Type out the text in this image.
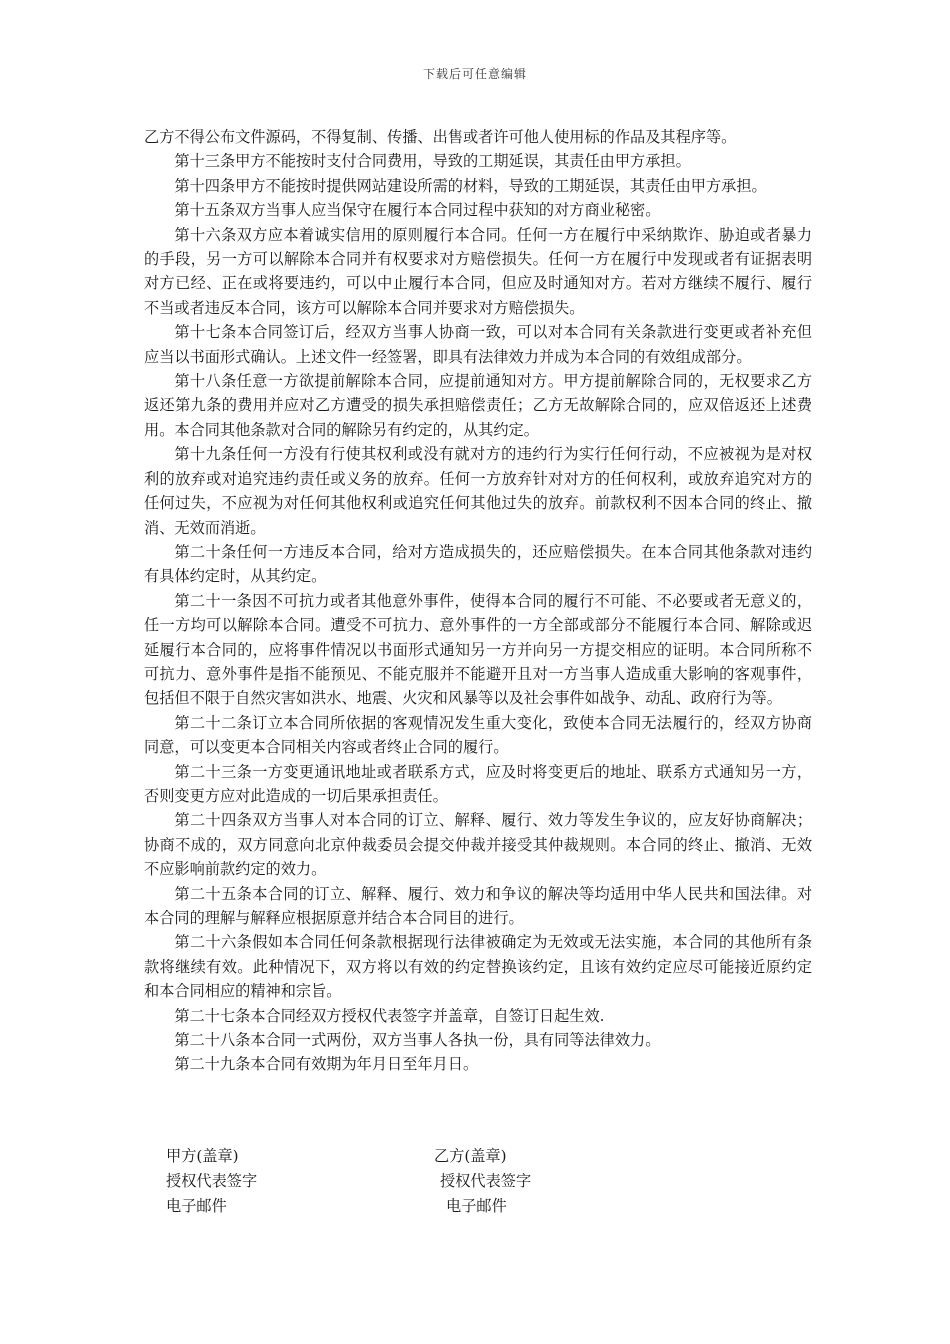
下载后可任意编辑

乙方不得公布文件源码，不得复制、传播、出售或者许可他人使用标的作品及其程序等。

第十三条甲方不能按时支付合同费用，导致的工期延误，其责任由甲方承担。

第十四条甲方不能按时提供网站建设所需的材料，导致的工期延误，其责任由甲方承担。

第十五条双方当事人应当保守在履行本合同过程中获知的对方商业秘密。

第十六条双方应本着诚实信用的原则履行本合同。任何一方在履行中采纳欺诈、胁迫或者暴力的手段，另一方可以解除本合同并有权要求对方赔偿损失。任何一方在履行中发现或者有证据表明对方已经、正在或将要违约，可以中止履行本合同，但应及时通知对方。若对方继续不履行、履行不当或者违反本合同，该方可以解除本合同并要求对方赔偿损失。

第十七条本合同签订后，经双方当事人协商一致，可以对本合同有关条款进行变更或者补充但应当以书面形式确认。上述文件一经签署，即具有法律效力并成为本合同的有效组成部分。

第十八条任意一方欲提前解除本合同，应提前通知对方。甲方提前解除合同的，无权要求乙方返还第九条的费用并应对乙方遭受的损失承担赔偿责任；乙方无故解除合同的，应双倍返还上述费用。本合同其他条款对合同的解除另有约定的，从其约定。

第十九条任何一方没有行使其权利或没有就对方的违约行为实行任何行动，不应被视为是对权利的放弃或对追究违约责任或义务的放弃。任何一方放弃针对对方的任何权利，或放弃追究对方的任何过失，不应视为对任何其他权利或追究任何其他过失的放弃。前款权利不因本合同的终止、撤消、无效而消逝。

第二十条任何一方违反本合同，给对方造成损失的，还应赔偿损失。在本合同其他条款对违约有具体约定时，从其约定。

第二十一条因不可抗力或者其他意外事件，使得本合同的履行不可能、不必要或者无意义的，任一方均可以解除本合同。遭受不可抗力、意外事件的一方全部或部分不能履行本合同、解除或迟延履行本合同的，应将事件情况以书面形式通知另一方并向另一方提交相应的证明。本合同所称不可抗力、意外事件是指不能预见、不能克服并不能避开且对一方当事人造成重大影响的客观事件，包括但不限于自然灾害如洪水、地震、火灾和风暴等以及社会事件如战争、动乱、政府行为等。

第二十二条订立本合同所依据的客观情况发生重大变化，致使本合同无法履行的，经双方协商同意，可以变更本合同相关内容或者终止合同的履行。

第二十三条一方变更通讯地址或者联系方式，应及时将变更后的地址、联系方式通知另一方，否则变更方应对此造成的一切后果承担责任。

第二十四条双方当事人对本合同的订立、解释、履行、效力等发生争议的，应友好协商解决；协商不成的，双方同意向北京仲裁委员会提交仲裁并接受其仲裁规则。本合同的终止、撤消、无效不应影响前款约定的效力。

第二十五条本合同的订立、解释、履行、效力和争议的解决等均适用中华人民共和国法律。对本合同的理解与解释应根据原意并结合本合同目的进行。

第二十六条假如本合同任何条款根据现行法律被确定为无效或无法实施，本合同的其他所有条款将继续有效。此种情况下，双方将以有效的约定替换该约定，且该有效约定应尽可能接近原约定和本合同相应的精神和宗旨。

第二十七条本合同经双方授权代表签字并盖章，自签订日起生效.

第二十八条本合同一式两份，双方当事人各执一份，具有同等法律效力。

第二十九条本合同有效期为年月日至年月日。

甲方(盖章)	乙方(盖章)
授权代表签字	授权代表签字
电子邮件	电子邮件
